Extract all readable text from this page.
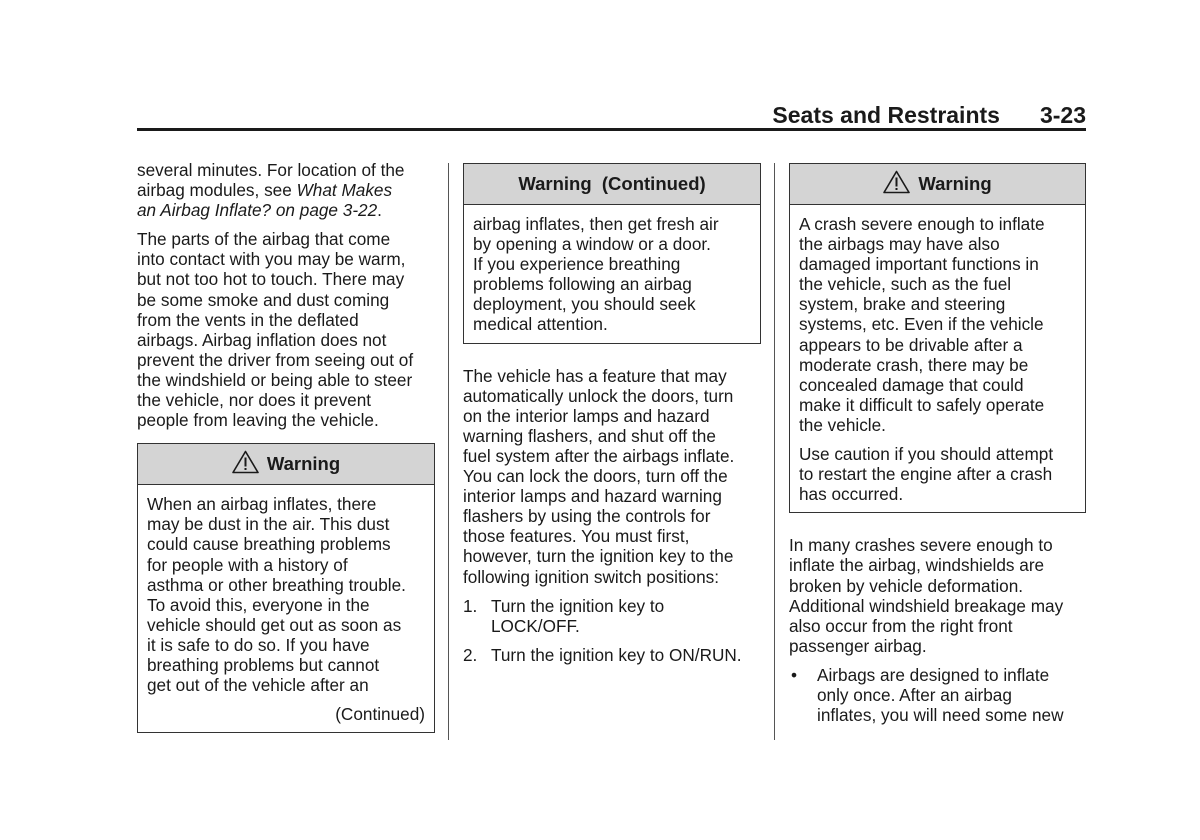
Seats and Restraints 3-23

several minutes. For location of the
airbag modules, see What Makes
an Airbag Inflate? on page 3-22.

The parts of the airbag that come
into contact with you may be warm,
but not too hot to touch. There may
be some smoke and dust coming
from the vents in the deflated
airbags. Airbag inflation does not
prevent the driver from seeing out of
the windshield or being able to steer
the vehicle, nor does it prevent
people from leaving the vehicle.

Warning
When an airbag inflates, there
may be dust in the air. This dust
could cause breathing problems
for people with a history of
asthma or other breathing trouble.
To avoid this, everyone in the
vehicle should get out as soon as
it is safe to do so. If you have
breathing problems but cannot
get out of the vehicle after an
(Continued)
Warning  (Continued)
airbag inflates, then get fresh air
by opening a window or a door.
If you experience breathing
problems following an airbag
deployment, you should seek
medical attention.

The vehicle has a feature that may
automatically unlock the doors, turn
on the interior lamps and hazard
warning flashers, and shut off the
fuel system after the airbags inflate.
You can lock the doors, turn off the
interior lamps and hazard warning
flashers by using the controls for
those features. You must first,
however, turn the ignition key to the
following ignition switch positions:

1. Turn the ignition key to
LOCK/OFF.
2. Turn the ignition key to ON/RUN.
Warning
A crash severe enough to inflate
the airbags may have also
damaged important functions in
the vehicle, such as the fuel
system, brake and steering
systems, etc. Even if the vehicle
appears to be drivable after a
moderate crash, there may be
concealed damage that could
make it difficult to safely operate
the vehicle.
Use caution if you should attempt
to restart the engine after a crash
has occurred.

In many crashes severe enough to
inflate the airbag, windshields are
broken by vehicle deformation.
Additional windshield breakage may
also occur from the right front
passenger airbag.

•	Airbags are designed to inflate
only once. After an airbag
inflates, you will need some new
